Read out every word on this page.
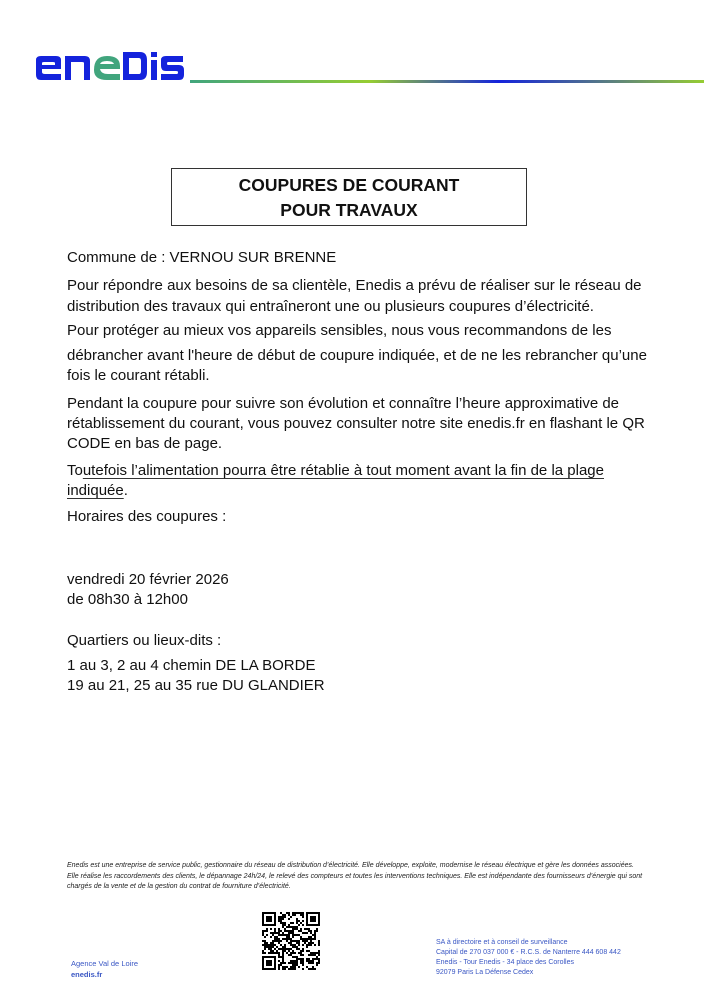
COUPURES DE COURANT
POUR TRAVAUX
Commune de : VERNOU SUR BRENNE
Pour répondre aux besoins de sa clientèle, Enedis a prévu de réaliser sur le réseau de
distribution des travaux qui entraîneront une ou plusieurs coupures d’électricité.
Pour protéger au mieux vos appareils sensibles, nous vous recommandons de les
débrancher avant l'heure de début de coupure indiquée, et de ne les rebrancher qu’une
fois le courant rétabli.
Pendant la coupure pour suivre son évolution et connaître l’heure approximative de
rétablissement du courant, vous pouvez consulter notre site enedis.fr en flashant le QR
CODE en bas de page.
Toutefois l’alimentation pourra être rétablie à tout moment avant la fin de la plage
indiquée.
Horaires des coupures :
vendredi 20 février 2026
de 08h30 à 12h00
Quartiers ou lieux-dits :
1 au 3, 2 au 4 chemin DE LA BORDE
19 au 21, 25 au 35 rue DU GLANDIER
Enedis est une entreprise de service public, gestionnaire du réseau de distribution d’électricité. Elle développe, exploite, modernise le réseau électrique et gère les données associées. Elle réalise les raccordements des clients, le dépannage 24h/24, le relevé des compteurs et toutes les interventions techniques. Elle est indépendante des fournisseurs d’énergie qui sont chargés de la vente et de la gestion du contrat de fourniture d’électricité.
Agence Val de Loire
enedis.fr
SA à directoire et à conseil de surveillance
Capital de 270 037 000 € - R.C.S. de Nanterre 444 608 442
Enedis - Tour Enedis - 34 place des Corolles
92079 Paris La Défense Cedex
